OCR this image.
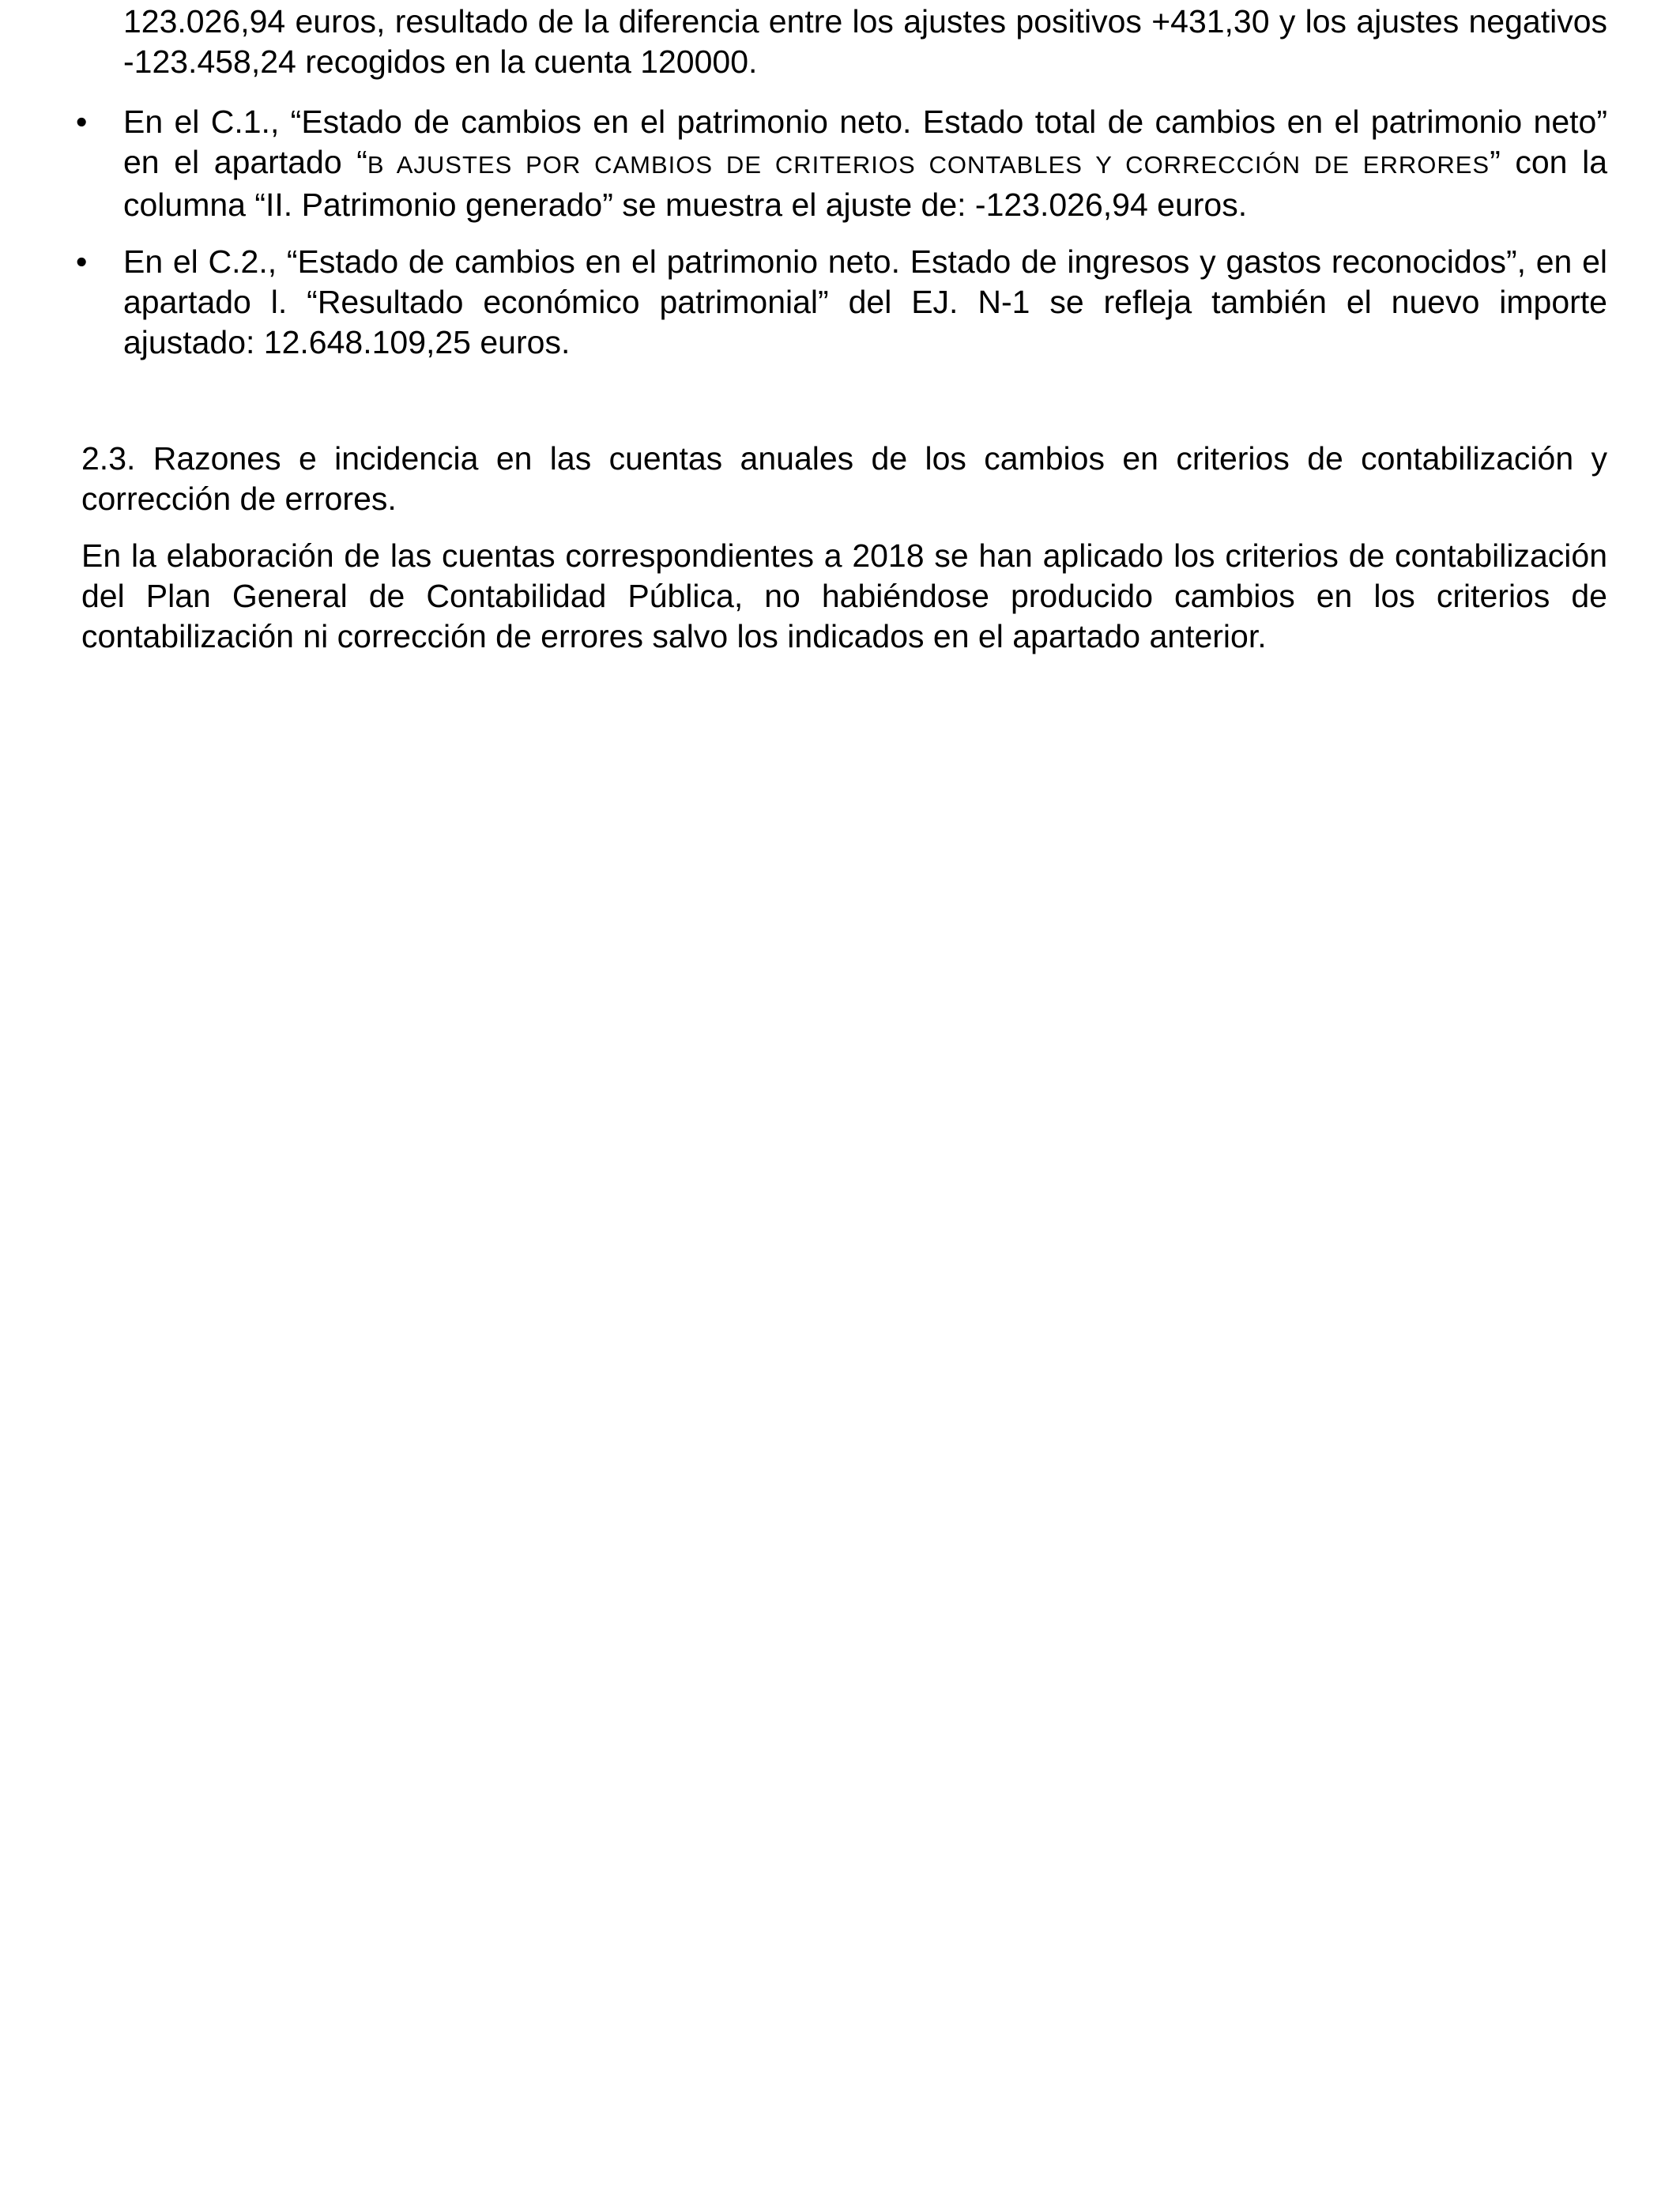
123.026,94 euros, resultado de la diferencia entre los ajustes positivos +431,30 y los ajustes negativos -123.458,24 recogidos en la cuenta 120000.

• En el C.1., “Estado de cambios en el patrimonio neto. Estado total de cambios en el patrimonio neto” en el apartado “B AJUSTES POR CAMBIOS DE CRITERIOS CONTABLES Y CORRECCIÓN DE ERRORES” con la columna “II. Patrimonio generado” se muestra el ajuste de: -123.026,94 euros.
• En el C.2., “Estado de cambios en el patrimonio neto. Estado de ingresos y gastos reconocidos”, en el apartado l. “Resultado económico patrimonial” del EJ. N-1 se refleja también el nuevo importe ajustado: 12.648.109,25 euros.

2.3. Razones e incidencia en las cuentas anuales de los cambios en criterios de contabilización y corrección de errores.

En la elaboración de las cuentas correspondientes a 2018 se han aplicado los criterios de contabilización del Plan General de Contabilidad Pública, no habiéndose producido cambios en los criterios de contabilización ni corrección de errores salvo los indicados en el apartado anterior.
